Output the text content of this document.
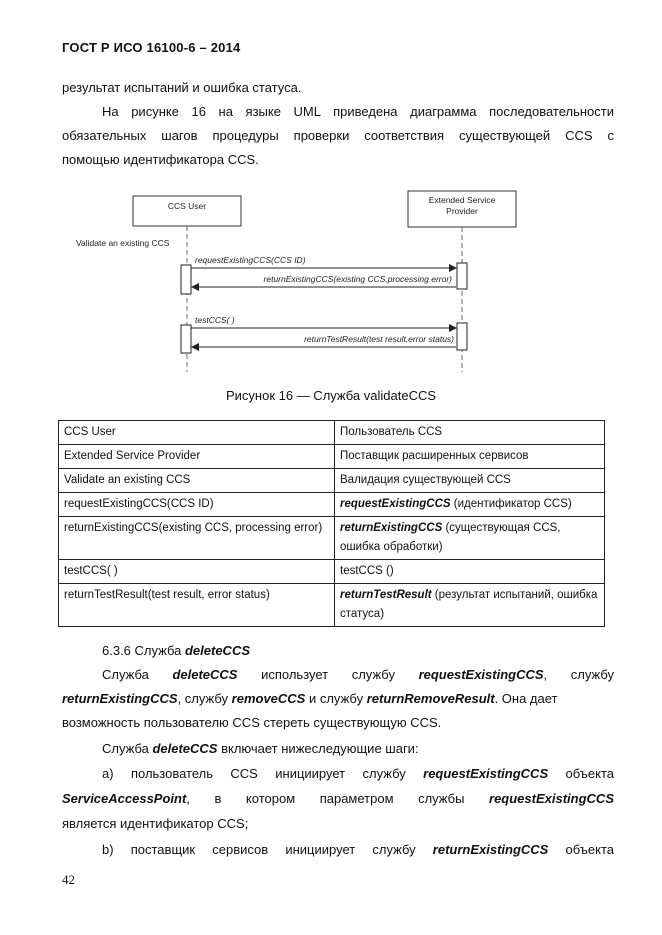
ГОСТ Р ИСО 16100-6 – 2014
результат испытаний и ошибка статуса.
На рисунке 16 на языке UML приведена диаграмма последовательности
обязательных шагов процедуры проверки соответствия существующей CCS с
помощью идентификатора CCS.
CCS User
Extended Service
Provider
Validate an existing CCS
requestExistingCCS(CCS ID)
returnExistingCCS(existing CCS,processing error)
testCCS( )
returnTestResult(test result,error status)
Рисунок 16 — Служба validateCCS
CCS User	Пользователь CCS
Extended Service Provider	Поставщик расширенных сервисов
Validate an existing CCS	Валидация существующей CCS
requestExistingCCS(CCS ID)	requestExistingCCS (идентификатор CCS)
returnExistingCCS(existing CCS, processing error)	returnExistingCCS (существующая CCS, ошибка обработки)
testCCS( )	testCCS ()
returnTestResult(test result, error status)	returnTestResult (результат испытаний, ошибка статуса)
6.3.6 Служба deleteCCS
Служба deleteCCS использует службу requestExistingCCS, службу
returnExistingCCS, службу removeCCS и службу returnRemoveResult. Она дает
возможность пользователю CCS стереть существующую CCS.
Служба deleteCCS включает нижеследующие шаги:
a) пользователь CCS инициирует службу requestExistingCCS объекта
ServiceAccessPoint, в котором параметром службы requestExistingCCS
является идентификатор CCS;
b) поставщик сервисов инициирует службу returnExistingCCS объекта
42
